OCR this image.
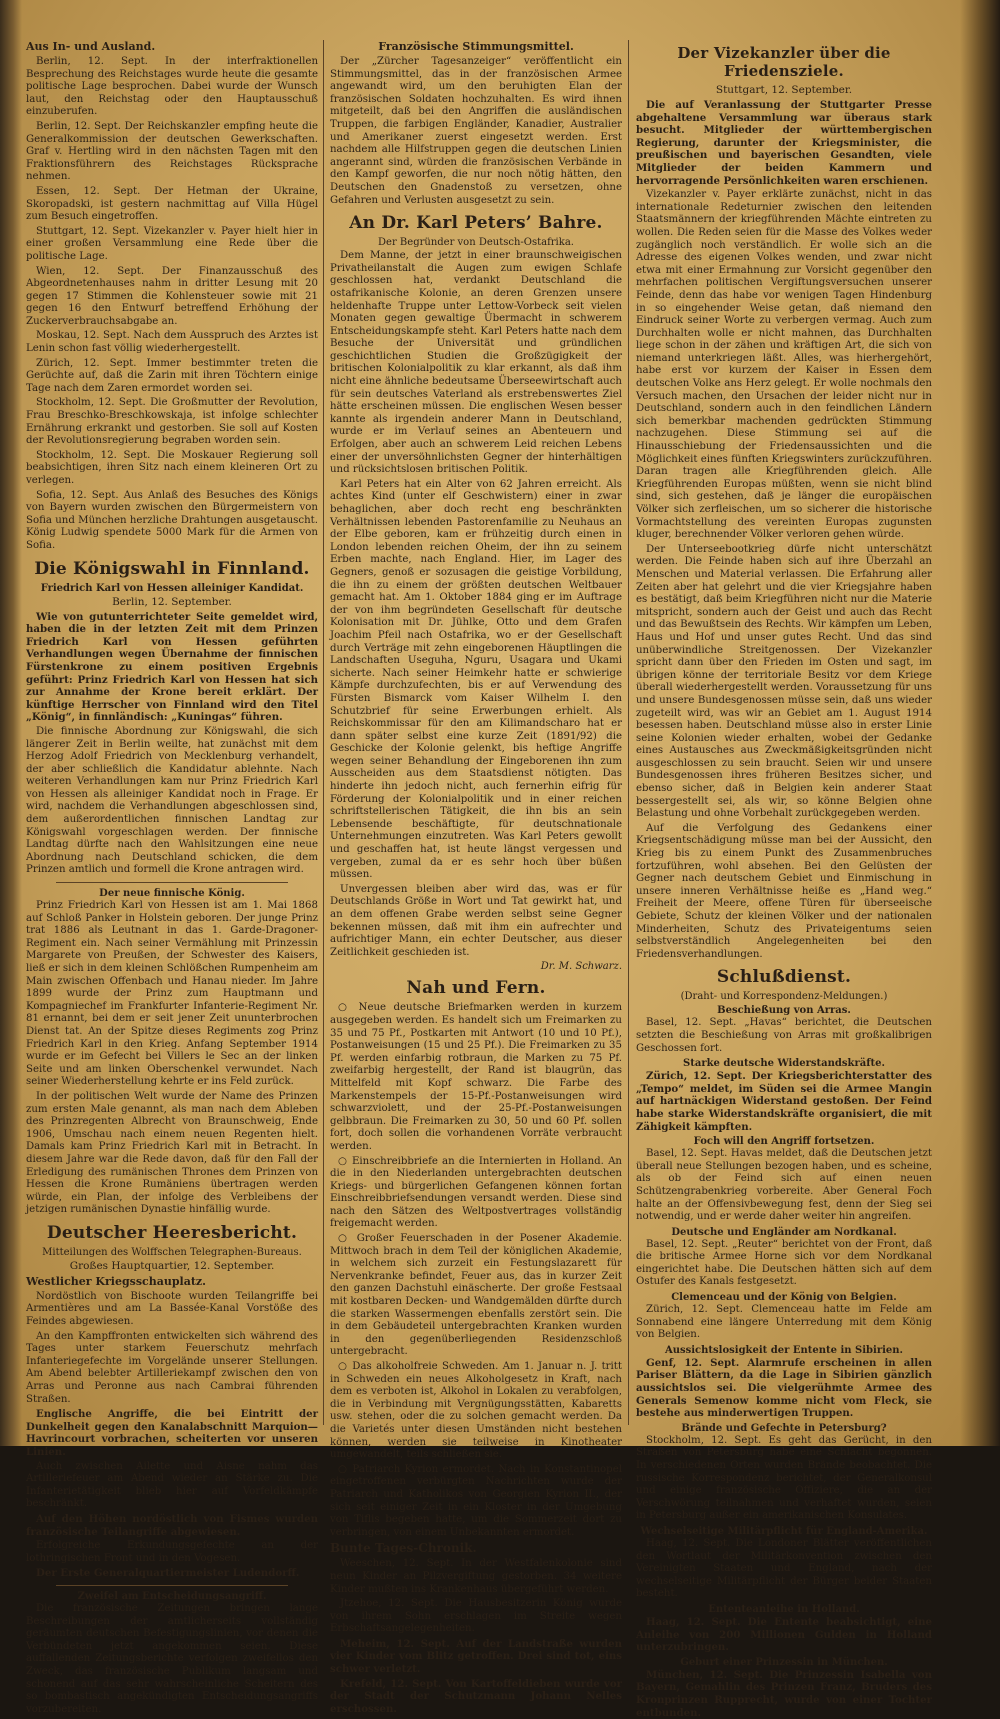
Aus In- und Ausland.

Berlin, 12. Sept. In der interfraktionellen Besprechung des Reichstages wurde heute die gesamte politische Lage besprochen. Dabei wurde der Wunsch laut, den Reichstag oder den Hauptausschuß einzuberufen.

Berlin, 12. Sept. Der Reichskanzler empfing heute die Generalkommission der deutschen Gewerkschaften. Graf v. Hertling wird in den nächsten Tagen mit den Fraktionsführern des Reichstages Rücksprache nehmen.

Essen, 12. Sept. Der Hetman der Ukraine, Skoropadski, ist gestern nachmittag auf Villa Hügel zum Besuch eingetroffen.

Stuttgart, 12. Sept. Vizekanzler v. Payer hielt hier in einer großen Versammlung eine Rede über die politische Lage.

Wien, 12. Sept. Der Finanzausschuß des Abgeordnetenhauses nahm in dritter Lesung mit 20 gegen 17 Stimmen die Kohlensteuer sowie mit 21 gegen 16 den Entwurf betreffend Erhöhung der Zuckerverbrauchsabgabe an.

Moskau, 12. Sept. Nach dem Ausspruch des Arztes ist Lenin schon fast völlig wiederhergestellt.

Zürich, 12. Sept. Immer bestimmter treten die Gerüchte auf, daß die Zarin mit ihren Töchtern einige Tage nach dem Zaren ermordet worden sei.

Stockholm, 12. Sept. Die Großmutter der Revolution, Frau Breschko-Breschkowskaja, ist infolge schlechter Ernährung erkrankt und gestorben. Sie soll auf Kosten der Revolutionsregierung begraben worden sein.

Stockholm, 12. Sept. Die Moskauer Regierung soll beabsichtigen, ihren Sitz nach einem kleineren Ort zu verlegen.

Sofia, 12. Sept. Aus Anlaß des Besuches des Königs von Bayern wurden zwischen den Bürgermeistern von Sofia und München herzliche Drahtungen ausgetauscht. König Ludwig spendete 5000 Mark für die Armen von Sofia.

Die Königswahl in Finnland.
Friedrich Karl von Hessen alleiniger Kandidat.
Berlin, 12. September.

Wie von gutunterrichteter Seite gemeldet wird, haben die in der letzten Zeit mit dem Prinzen Friedrich Karl von Hessen geführten Verhandlungen wegen Übernahme der finnischen Fürstenkrone zu einem positiven Ergebnis geführt: Prinz Friedrich Karl von Hessen hat sich zur Annahme der Krone bereit erklärt. Der künftige Herrscher von Finnland wird den Titel „König“, in finnländisch: „Kuningas“ führen.

Die finnische Abordnung zur Königswahl, die sich längerer Zeit in Berlin weilte, hat zunächst mit dem Herzog Adolf Friedrich von Mecklenburg verhandelt, der aber schließlich die Kandidatur ablehnte. Nach weiteren Verhandlungen kam nur Prinz Friedrich Karl von Hessen als alleiniger Kandidat noch in Frage. Er wird, nachdem die Verhandlungen abgeschlossen sind, dem außerordentlichen finnischen Landtag zur Königswahl vorgeschlagen werden. Der finnische Landtag dürfte nach den Wahlsitzungen eine neue Abordnung nach Deutschland schicken, die dem Prinzen amtlich und formell die Krone antragen wird.

Der neue finnische König.

Prinz Friedrich Karl von Hessen ist am 1. Mai 1868 auf Schloß Panker in Holstein geboren. Der junge Prinz trat 1886 als Leutnant in das 1. Garde-Dragoner-Regiment ein. Nach seiner Vermählung mit Prinzessin Margarete von Preußen, der Schwester des Kaisers, ließ er sich in dem kleinen Schlößchen Rumpenheim am Main zwischen Offenbach und Hanau nieder. Im Jahre 1899 wurde der Prinz zum Hauptmann und Kompagniechef im Frankfurter Infanterie-Regiment Nr. 81 ernannt, bei dem er seit jener Zeit ununterbrochen Dienst tat. An der Spitze dieses Regiments zog Prinz Friedrich Karl in den Krieg. Anfang September 1914 wurde er im Gefecht bei Villers le Sec an der linken Seite und am linken Oberschenkel verwundet. Nach seiner Wiederherstellung kehrte er ins Feld zurück.

In der politischen Welt wurde der Name des Prinzen zum ersten Male genannt, als man nach dem Ableben des Prinzregenten Albrecht von Braunschweig, Ende 1906, Umschau nach einem neuen Regenten hielt. Damals kam Prinz Friedrich Karl mit in Betracht. In diesem Jahre war die Rede davon, daß für den Fall der Erledigung des rumänischen Thrones dem Prinzen von Hessen die Krone Rumäniens übertragen werden würde, ein Plan, der infolge des Verbleibens der jetzigen rumänischen Dynastie hinfällig wurde.

Deutscher Heeresbericht.
Mitteilungen des Wolffschen Telegraphen-Bureaus.
Großes Hauptquartier, 12. September.
Westlicher Kriegsschauplatz.

Nordöstlich von Bischoote wurden Teilangriffe bei Armentières und am La Bassée-Kanal Vorstöße des Feindes abgewiesen.

An den Kampffronten entwickelten sich während des Tages unter starkem Feuerschutz mehrfach Infanteriegefechte im Vorgelände unserer Stellungen. Am Abend belebter Artilleriekampf zwischen den von Arras und Peronne aus nach Cambrai führenden Straßen.

Englische Angriffe, die bei Eintritt der Dunkelheit gegen den Kanalabschnitt Marquion—Havrincourt vorbrachen, scheiterten vor unseren Linien.

Auch zwischen Ailette und Aisne nahm das Artilleriefeuer am Abend wieder an Stärke zu. Die Infanterietätigkeit blieb hier auf Vorfeldkämpfe beschränkt.

Auf den Höhen nordöstlich von Fismes wurden französische Teilangriffe abgewiesen.

Erfolgreiche Erkundungsgefechte an der lothringischen Front und in den Vogesen.

Der Erste Generalquartiermeister Ludendorff.

Zweifel am Entscheidungsangriff.

Die französische Zeitungen bringen lange Beschreibungen der amtlicherseits vollständig geräumten deutschen Befestigungslinien, vor denen die Verbündeten jetzt angekommen seien. Diese auffallenden Zeitungsberichte verfolgen zweifellos den Zweck, das französische Publikum langsam und schonend auf das sehr wahrscheinliche Scheitern des so bombastisch angekündigten Entscheidungsangriffs vorzubereiten.

Französische Stimmungsmittel.

Der „Zürcher Tagesanzeiger“ veröffentlicht ein Stimmungsmittel, das in der französischen Armee angewandt wird, um den beruhigten Elan der französischen Soldaten hochzuhalten. Es wird ihnen mitgeteilt, daß bei den Angriffen die ausländischen Truppen, die farbigen Engländer, Kanadier, Australier und Amerikaner zuerst eingesetzt werden. Erst nachdem alle Hilfstruppen gegen die deutschen Linien angerannt sind, würden die französischen Verbände in den Kampf geworfen, die nur noch nötig hätten, den Deutschen den Gnadenstoß zu versetzen, ohne Gefahren und Verlusten ausgesetzt zu sein.

An Dr. Karl Peters’ Bahre.
Der Begründer von Deutsch-Ostafrika.

Dem Manne, der jetzt in einer braunschweigischen Privatheilanstalt die Augen zum ewigen Schlafe geschlossen hat, verdankt Deutschland die ostafrikanische Kolonie, an deren Grenzen unsere heldenhafte Truppe unter Lettow-Vorbeck seit vielen Monaten gegen gewaltige Übermacht in schwerem Entscheidungskampfe steht. Karl Peters hatte nach dem Besuche der Universität und gründlichen geschichtlichen Studien die Großzügigkeit der britischen Kolonialpolitik zu klar erkannt, als daß ihm nicht eine ähnliche bedeutsame Überseewirtschaft auch für sein deutsches Vaterland als erstrebenswertes Ziel hätte erscheinen müssen. Die englischen Wesen besser kannte als irgendein anderer Mann in Deutschland, wurde er im Verlauf seines an Abenteuern und Erfolgen, aber auch an schwerem Leid reichen Lebens einer der unversöhnlichsten Gegner der hinterhältigen und rücksichtslosen britischen Politik.

Karl Peters hat ein Alter von 62 Jahren erreicht. Als achtes Kind (unter elf Geschwistern) einer in zwar behaglichen, aber doch recht eng beschränkten Verhältnissen lebenden Pastorenfamilie zu Neuhaus an der Elbe geboren, kam er frühzeitig durch einen in London lebenden reichen Oheim, der ihn zu seinem Erben machte, nach England. Hier, im Lager des Gegners, genoß er sozusagen die geistige Vorbildung, die ihn zu einem der größten deutschen Weltbauer gemacht hat. Am 1. Oktober 1884 ging er im Auftrage der von ihm begründeten Gesellschaft für deutsche Kolonisation mit Dr. Jühlke, Otto und dem Grafen Joachim Pfeil nach Ostafrika, wo er der Gesellschaft durch Verträge mit zehn eingeborenen Häuptlingen die Landschaften Useguha, Nguru, Usagara und Ukami sicherte. Nach seiner Heimkehr hatte er schwierige Kämpfe durchzufechten, bis er auf Verwendung des Fürsten Bismarck vom Kaiser Wilhelm I. den Schutzbrief für seine Erwerbungen erhielt. Als Reichskommissar für den am Kilimandscharo hat er dann später selbst eine kurze Zeit (1891/92) die Geschicke der Kolonie gelenkt, bis heftige Angriffe wegen seiner Behandlung der Eingeborenen ihn zum Ausscheiden aus dem Staatsdienst nötigten. Das hinderte ihn jedoch nicht, auch fernerhin eifrig für Förderung der Kolonialpolitik und in einer reichen schriftstellerischen Tätigkeit, die ihn bis an sein Lebensende beschäftigte, für deutschnationale Unternehmungen einzutreten. Was Karl Peters gewollt und geschaffen hat, ist heute längst vergessen und vergeben, zumal da er es sehr hoch über büßen müssen.

Unvergessen bleiben aber wird das, was er für Deutschlands Größe in Wort und Tat gewirkt hat, und an dem offenen Grabe werden selbst seine Gegner bekennen müssen, daß mit ihm ein aufrechter und aufrichtiger Mann, ein echter Deutscher, aus dieser Zeitlichkeit geschieden ist.

Dr. M. Schwarz.
Nah und Fern.

○ Neue deutsche Briefmarken werden in kurzem ausgegeben werden. Es handelt sich um Freimarken zu 35 und 75 Pf., Postkarten mit Antwort (10 und 10 Pf.), Postanweisungen (15 und 25 Pf.). Die Freimarken zu 35 Pf. werden einfarbig rotbraun, die Marken zu 75 Pf. zweifarbig hergestellt, der Rand ist blaugrün, das Mittelfeld mit Kopf schwarz. Die Farbe des Markenstempels der 15-Pf.-Postanweisungen wird schwarzviolett, und der 25-Pf.-Postanweisungen gelbbraun. Die Freimarken zu 30, 50 und 60 Pf. sollen fort, doch sollen die vorhandenen Vorräte verbraucht werden.

○ Einschreibbriefe an die Internierten in Holland. An die in den Niederlanden untergebrachten deutschen Kriegs- und bürgerlichen Gefangenen können fortan Einschreibbriefsendungen versandt werden. Diese sind nach den Sätzen des Weltpostvertrages vollständig freigemacht werden.

○ Großer Feuerschaden in der Posener Akademie. Mittwoch brach in dem Teil der königlichen Akademie, in welchem sich zurzeit ein Festungslazarett für Nervenkranke befindet, Feuer aus, das in kurzer Zeit den ganzen Dachstuhl einäscherte. Der große Festsaal mit kostbaren Decken- und Wandgemälden dürfte durch die starken Wassermengen ebenfalls zerstört sein. Die in dem Gebäudeteil untergebrachten Kranken wurden in den gegenüberliegenden Residenzschloß untergebracht.

○ Das alkoholfreie Schweden. Am 1. Januar n. J. tritt in Schweden ein neues Alkoholgesetz in Kraft, nach dem es verboten ist, Alkohol in Lokalen zu verabfolgen, die in Verbindung mit Vergnügungsstätten, Kabaretts usw. stehen, oder die zu solchen gemacht werden. Da die Varietés unter diesen Umständen nicht bestehen können, werden sie teilweise in Kinotheater umgewandelt, teils schließen sie.

○ Patriarch Kyrion ermordet. Nach in Konstantinopel eingetroffenen verbürgten Nachrichten wurde der Patriarch und Katholikos von Georgien Kyrion II., der sich seit einiger Zeit in ein Kloster in der Umgebung von Tiflis begeben hatte, um die Sommerzeit dort zu verbringen, von einem Unbekannten ermordet.

Bunte Tages-Chronik.

Weeschen, 12. Sept. In der Westfalenkolonie sind neun Kinder an Pilzvergiftung gestorben. 34 weitere Kinder mußten ins Krankenhaus übergeführt werden.

Jtzehoe, 12. Sept. Die Hausbesitzerin König wurde von ihrem Sohn erschlagen im Streite wegen Erbschaftsangelegenheiten.

Meheim, 12. Sept. Auf der Landstraße wurden vier Kinder vom Blitz getroffen. Drei sind tot, eins schwer verletzt.

Krefeld, 12. Sept. Von Kartoffeldieben wurde vor der Stadt der Schutzmann Johann Nelles erschossen.

Der Vizekanzler über die Friedensziele.
Stuttgart, 12. September.

Die auf Veranlassung der Stuttgarter Presse abgehaltene Versammlung war überaus stark besucht. Mitglieder der württembergischen Regierung, darunter der Kriegsminister, die preußischen und bayerischen Gesandten, viele Mitglieder der beiden Kammern und hervorragende Persönlichkeiten waren erschienen.

Vizekanzler v. Payer erklärte zunächst, nicht in das internationale Redeturnier zwischen den leitenden Staatsmännern der kriegführenden Mächte eintreten zu wollen. Die Reden seien für die Masse des Volkes weder zugänglich noch verständlich. Er wolle sich an die Adresse des eigenen Volkes wenden, und zwar nicht etwa mit einer Ermahnung zur Vorsicht gegenüber den mehrfachen politischen Vergiftungsversuchen unserer Feinde, denn das habe vor wenigen Tagen Hindenburg in so eingehender Weise getan, daß niemand den Eindruck seiner Worte zu verbergen vermag. Auch zum Durchhalten wolle er nicht mahnen, das Durchhalten liege schon in der zähen und kräftigen Art, die sich von niemand unterkriegen läßt. Alles, was hierhergehört, habe erst vor kurzem der Kaiser in Essen dem deutschen Volke ans Herz gelegt. Er wolle nochmals den Versuch machen, den Ursachen der leider nicht nur in Deutschland, sondern auch in den feindlichen Ländern sich bemerkbar machenden gedrückten Stimmung nachzugehen. Diese Stimmung sei auf die Hinausschiebung der Friedensaussichten und die Möglichkeit eines fünften Kriegswinters zurückzuführen. Daran tragen alle Kriegführenden gleich. Alle Kriegführenden Europas müßten, wenn sie nicht blind sind, sich gestehen, daß je länger die europäischen Völker sich zerfleischen, um so sicherer die historische Vormachtstellung des vereinten Europas zugunsten kluger, berechnender Völker verloren gehen würde.

Der Unterseebootkrieg dürfe nicht unterschätzt werden. Die Feinde haben sich auf ihre Überzahl an Menschen und Material verlassen. Die Erfahrung aller Zeiten aber hat gelehrt und die vier Kriegsjahre haben es bestätigt, daß beim Kriegführen nicht nur die Materie mitspricht, sondern auch der Geist und auch das Recht und das Bewußtsein des Rechts. Wir kämpfen um Leben, Haus und Hof und unser gutes Recht. Und das sind unüberwindliche Streitgenossen. Der Vizekanzler spricht dann über den Frieden im Osten und sagt, im übrigen könne der territoriale Besitz vor dem Kriege überall wiederhergestellt werden. Voraussetzung für uns und unsere Bundesgenossen müsse sein, daß uns wieder zugeteilt wird, was wir an Gebiet am 1. August 1914 besessen haben. Deutschland müsse also in erster Linie seine Kolonien wieder erhalten, wobei der Gedanke eines Austausches aus Zweckmäßigkeitsgründen nicht ausgeschlossen zu sein braucht. Seien wir und unsere Bundesgenossen ihres früheren Besitzes sicher, und ebenso sicher, daß in Belgien kein anderer Staat bessergestellt sei, als wir, so könne Belgien ohne Belastung und ohne Vorbehalt zurückgegeben werden.

Auf die Verfolgung des Gedankens einer Kriegsentschädigung müsse man bei der Aussicht, den Krieg bis zu einem Punkt des Zusammenbruches fortzuführen, wohl absehen. Bei den Gelüsten der Gegner nach deutschem Gebiet und Einmischung in unsere inneren Verhältnisse heiße es „Hand weg.“ Freiheit der Meere, offene Türen für überseeische Gebiete, Schutz der kleinen Völker und der nationalen Minderheiten, Schutz des Privateigentums seien selbstverständlich Angelegenheiten bei den Friedensverhandlungen.

Schlußdienst.
(Draht- und Korrespondenz-Meldungen.)
Beschießung von Arras.

Basel, 12. Sept. „Havas“ berichtet, die Deutschen setzten die Beschießung von Arras mit großkalibrigen Geschossen fort.

Starke deutsche Widerstandskräfte.

Zürich, 12. Sept. Der Kriegsberichterstatter des „Tempo“ meldet, im Süden sei die Armee Mangin auf hartnäckigen Widerstand gestoßen. Der Feind habe starke Widerstandskräfte organisiert, die mit Zähigkeit kämpften.

Foch will den Angriff fortsetzen.

Basel, 12. Sept. Havas meldet, daß die Deutschen jetzt überall neue Stellungen bezogen haben, und es scheine, als ob der Feind sich auf einen neuen Schützengrabenkrieg vorbereite. Aber General Foch halte an der Offensivbewegung fest, denn der Sieg sei notwendig, und er werde daher weiter hin angreifen.

Deutsche und Engländer am Nordkanal.

Basel, 12. Sept. „Reuter“ berichtet von der Front, daß die britische Armee Horne sich vor dem Nordkanal eingerichtet habe. Die Deutschen hätten sich auf dem Ostufer des Kanals festgesetzt.

Clemenceau und der König von Belgien.

Zürich, 12. Sept. Clemenceau hatte im Felde am Sonnabend eine längere Unterredung mit dem König von Belgien.

Aussichtslosigkeit der Entente in Sibirien.

Genf, 12. Sept. Alarmrufe erscheinen in allen Pariser Blättern, da die Lage in Sibirien gänzlich aussichtslos sei. Die vielgerühmte Armee des Generals Semenow komme nicht vom Fleck, sie bestehe aus minderwertigen Truppen.

Brände und Gefechte in Petersburg?

Stockholm, 12. Sept. Es geht das Gerücht, in den Straßen von Petersburg habe eine Schlacht begonnen. In verschiedenen Orten wurden Brände beobachtet. Die russische Korrespondenz berichtet, der Generalkonsul und einige französische Offiziere, die an der Verschwörung teilnahmen und verhaftet wurden, seien in Petersburg außer ein amerikanischen Konsulates.

Wechselseitige Militärpflicht für England-Amerika.

Haag, 12. Sept. Die Londoner Blätter veröffentlichen den Wortlaut der Militärkonvention zwischen den Vereinigten Staaten und England, nach der wechselseitige Militärpflicht der Bürger beider Staaten besteht.

Ententeanleihe in Holland.

Haag, 12. Sept. Die Entente beabsichtigt, eine Anleihe von 200 Millionen Gulden in Holland unterzubringen.

Geburt einer Prinzessin in München.

München, 12. Sept. Die Prinzessin Isabella von Bayern, Gemahlin des Prinzen Franz, Bruders des Kronprinzen Rupprecht, wurde von einer Tochter entbunden.
